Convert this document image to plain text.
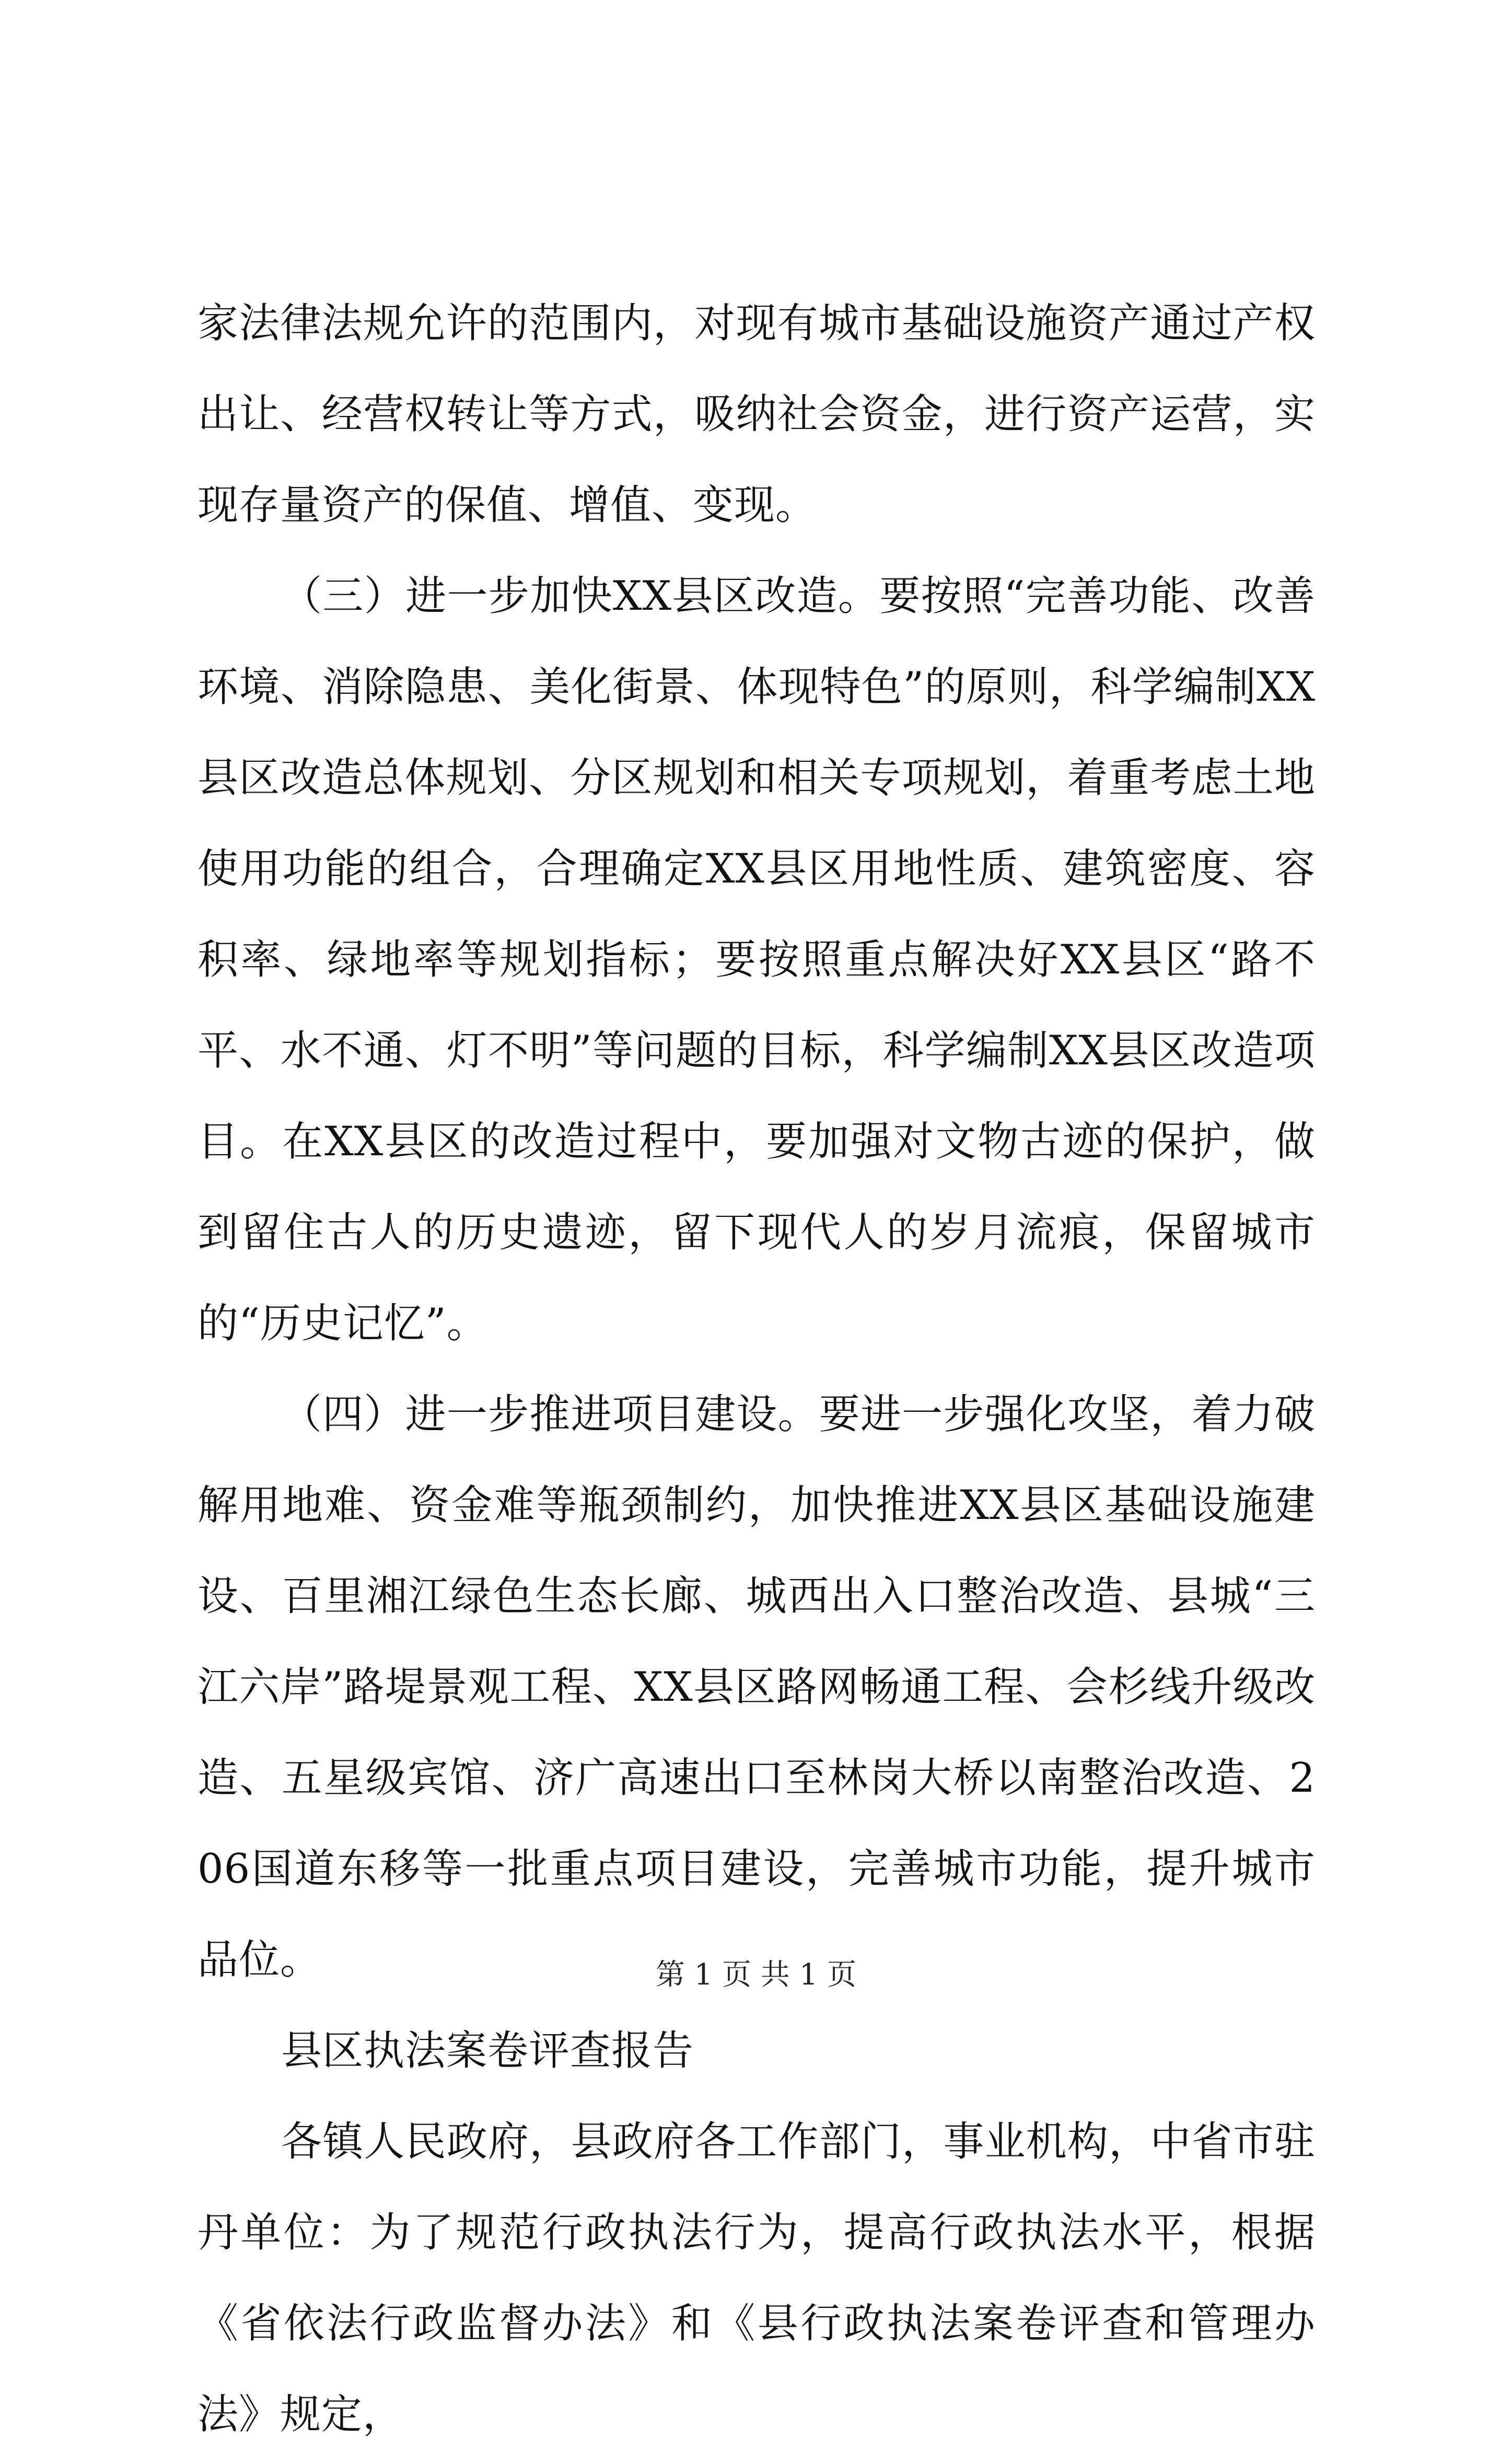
家法律法规允许的范围内，对现有城市基础设施资产通过产权出让、经营权转让等方式，吸纳社会资金，进行资产运营，实现存量资产的保值、增值、变现。

（三）进一步加快XX县区改造。要按照“完善功能、改善环境、消除隐患、美化街景、体现特色”的原则，科学编制XX县区改造总体规划、分区规划和相关专项规划，着重考虑土地使用功能的组合，合理确定XX县区用地性质、建筑密度、容积率、绿地率等规划指标；要按照重点解决好XX县区“路不平、水不通、灯不明”等问题的目标，科学编制XX县区改造项目。在XX县区的改造过程中，要加强对文物古迹的保护，做到留住古人的历史遗迹，留下现代人的岁月流痕，保留城市的“历史记忆”。

（四）进一步推进项目建设。要进一步强化攻坚，着力破解用地难、资金难等瓶颈制约，加快推进XX县区基础设施建设、百里湘江绿色生态长廊、城西出入口整治改造、县城“三江六岸”路堤景观工程、XX县区路网畅通工程、会杉线升级改造、五星级宾馆、济广高速出口至林岗大桥以南整治改造、206国道东移等一批重点项目建设，完善城市功能，提升城市品位。

县区执法案卷评查报告

各镇人民政府，县政府各工作部门，事业机构，中省市驻丹单位：为了规范行政执法行为，提高行政执法水平，根据《省依法行政监督办法》和《县行政执法案卷评查和管理办法》规定，

第 1 页 共 1 页
